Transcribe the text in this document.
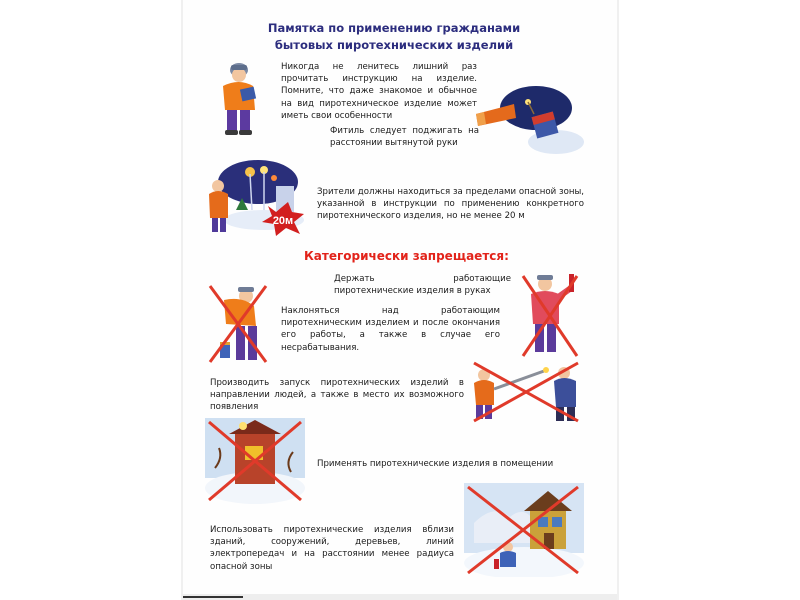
Памятка по применению гражданами
бытовых пиротехнических изделий
Никогда не ленитесь лишний раз прочитать инструкцию на изделие. Помните, что даже знакомое и обычное на вид пиротехническое изделие может иметь свои особенности
Фитиль следует поджигать на расстоянии вытянутой руки
20м
Зрители должны находиться за пределами опасной зоны, указанной в инструкции по применению конкретного пиротехнического изделия, но не менее 20 м
Категорически запрещается:
Держать работающие пиротехнические изделия в руках
Наклоняться над работающим пиротехническим изделием и после окончания его работы, а также в случае его несрабатывания.
Производить запуск пиротехнических изделий в направлении людей, а также в место их возможного появления
Применять пиротехнические изделия в помещении
Использовать пиротехнические изделия вблизи зданий, сооружений, деревьев, линий электропередач и на расстоянии менее радиуса опасной зоны
